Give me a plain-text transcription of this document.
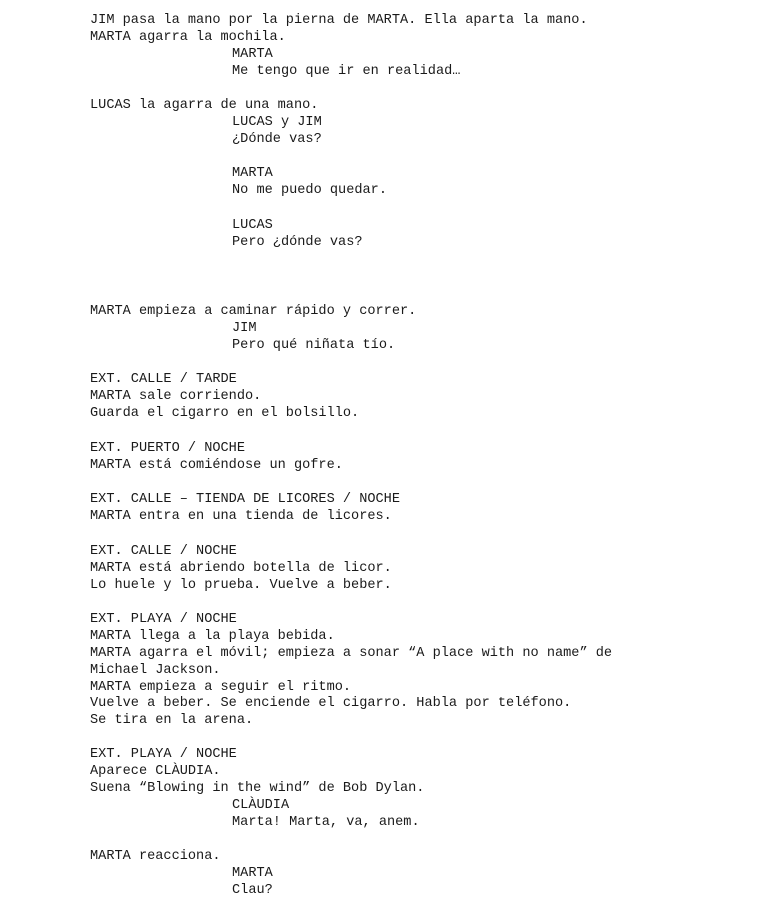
JIM pasa la mano por la pierna de MARTA. Ella aparta la mano.
MARTA agarra la mochila.
MARTA
Me tengo que ir en realidad…
LUCAS la agarra de una mano.
LUCAS y JIM
¿Dónde vas?
MARTA
No me puedo quedar.
LUCAS
Pero ¿dónde vas?
MARTA empieza a caminar rápido y correr.
JIM
Pero qué niñata tío.
EXT. CALLE / TARDE
MARTA sale corriendo.
Guarda el cigarro en el bolsillo.
EXT. PUERTO / NOCHE
MARTA está comiéndose un gofre.
EXT. CALLE – TIENDA DE LICORES / NOCHE
MARTA entra en una tienda de licores.
EXT. CALLE / NOCHE
MARTA está abriendo botella de licor.
Lo huele y lo prueba. Vuelve a beber.
EXT. PLAYA / NOCHE
MARTA llega a la playa bebida.
MARTA agarra el móvil; empieza a sonar “A place with no name” de
Michael Jackson.
MARTA empieza a seguir el ritmo.
Vuelve a beber. Se enciende el cigarro. Habla por teléfono.
Se tira en la arena.
EXT. PLAYA / NOCHE
Aparece CLÀUDIA.
Suena “Blowing in the wind” de Bob Dylan.
CLÀUDIA
Marta! Marta, va, anem.
MARTA reacciona.
MARTA
Clau?
